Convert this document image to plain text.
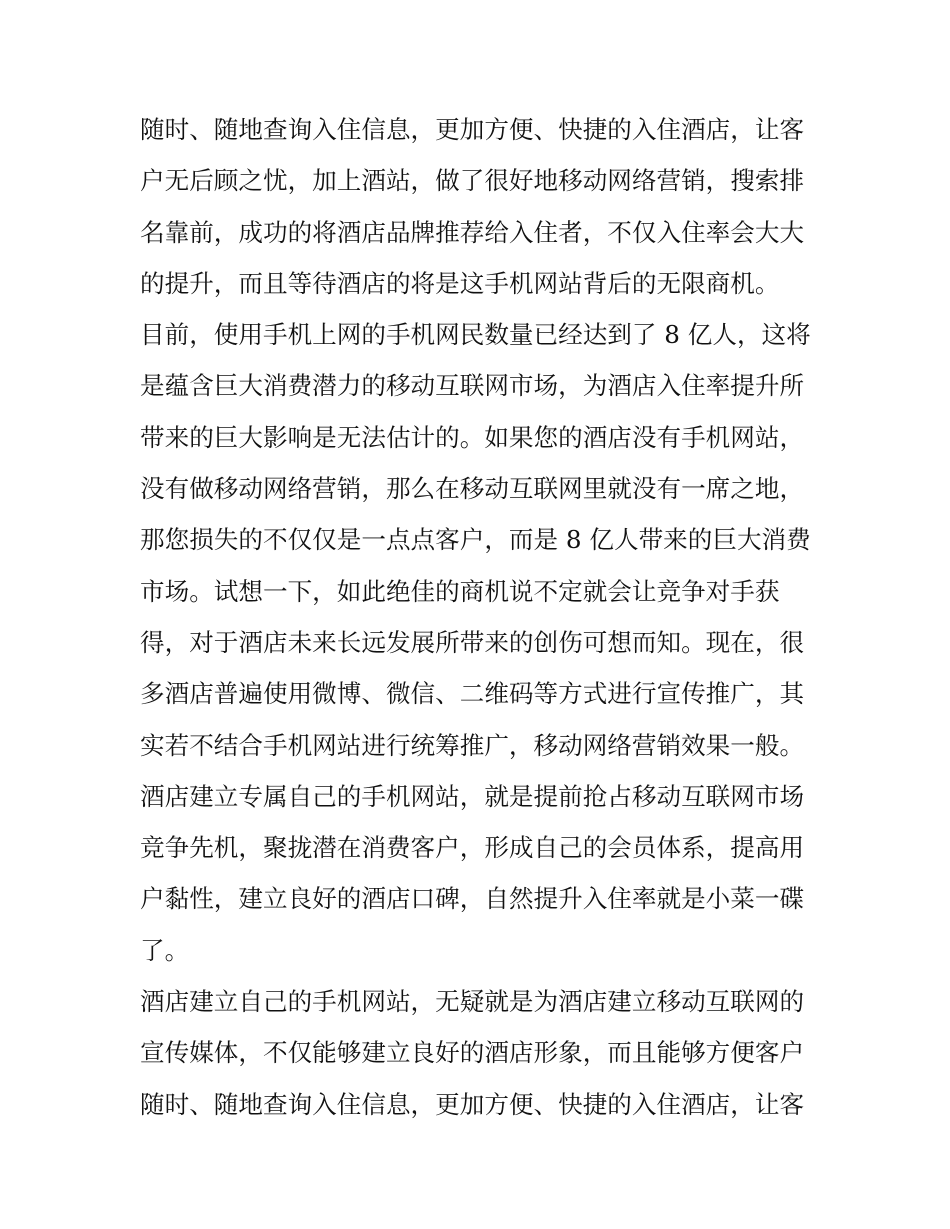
随时、随地查询入住信息，更加方便、快捷的入住酒店，让客
户无后顾之忧，加上酒站，做了很好地移动网络营销，搜索排
名靠前，成功的将酒店品牌推荐给入住者，不仅入住率会大大
的提升，而且等待酒店的将是这手机网站背后的无限商机。
目前，使用手机上网的手机网民数量已经达到了 8 亿人，这将
是蕴含巨大消费潜力的移动互联网市场，为酒店入住率提升所
带来的巨大影响是无法估计的。如果您的酒店没有手机网站，
没有做移动网络营销，那么在移动互联网里就没有一席之地，
那您损失的不仅仅是一点点客户，而是 8 亿人带来的巨大消费
市场。试想一下，如此绝佳的商机说不定就会让竞争对手获
得，对于酒店未来长远发展所带来的创伤可想而知。现在，很
多酒店普遍使用微博、微信、二维码等方式进行宣传推广，其
实若不结合手机网站进行统筹推广，移动网络营销效果一般。
酒店建立专属自己的手机网站，就是提前抢占移动互联网市场
竞争先机，聚拢潜在消费客户，形成自己的会员体系，提高用
户黏性，建立良好的酒店口碑，自然提升入住率就是小菜一碟
了。
酒店建立自己的手机网站，无疑就是为酒店建立移动互联网的
宣传媒体，不仅能够建立良好的酒店形象，而且能够方便客户
随时、随地查询入住信息，更加方便、快捷的入住酒店，让客
